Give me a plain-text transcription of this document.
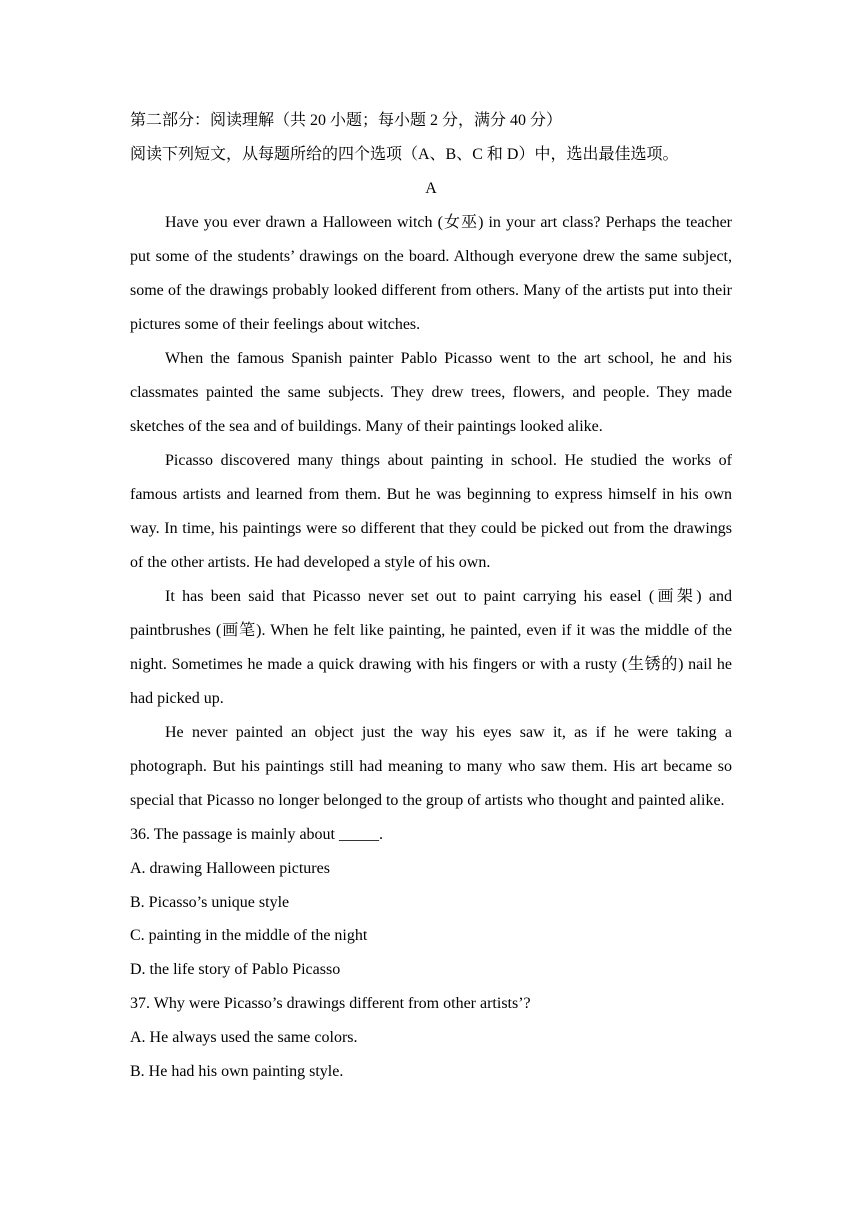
第二部分：阅读理解（共 20 小题；每小题 2 分，满分 40 分）
阅读下列短文，从每题所给的四个选项（A、B、C 和 D）中，选出最佳选项。
A

Have you ever drawn a Halloween witch (女巫) in your art class? Perhaps the teacher put some of the students’ drawings on the board. Although everyone drew the same subject, some of the drawings probably looked different from others. Many of the artists put into their pictures some of their feelings about witches.

When the famous Spanish painter Pablo Picasso went to the art school, he and his classmates painted the same subjects. They drew trees, flowers, and people. They made sketches of the sea and of buildings. Many of their paintings looked alike.

Picasso discovered many things about painting in school. He studied the works of famous artists and learned from them. But he was beginning to express himself in his own way. In time, his paintings were so different that they could be picked out from the drawings of the other artists. He had developed a style of his own.

It has been said that Picasso never set out to paint carrying his easel (画架) and paintbrushes (画笔). When he felt like painting, he painted, even if it was the middle of the night. Sometimes he made a quick drawing with his fingers or with a rusty (生锈的) nail he had picked up.

He never painted an object just the way his eyes saw it, as if he were taking a photograph. But his paintings still had meaning to many who saw them. His art became so special that Picasso no longer belonged to the group of artists who thought and painted alike.

36. The passage is mainly about _____.

A. drawing Halloween pictures

B. Picasso’s unique style

C. painting in the middle of the night

D. the life story of Pablo Picasso

37. Why were Picasso’s drawings different from other artists’?

A. He always used the same colors.

B. He had his own painting style.
